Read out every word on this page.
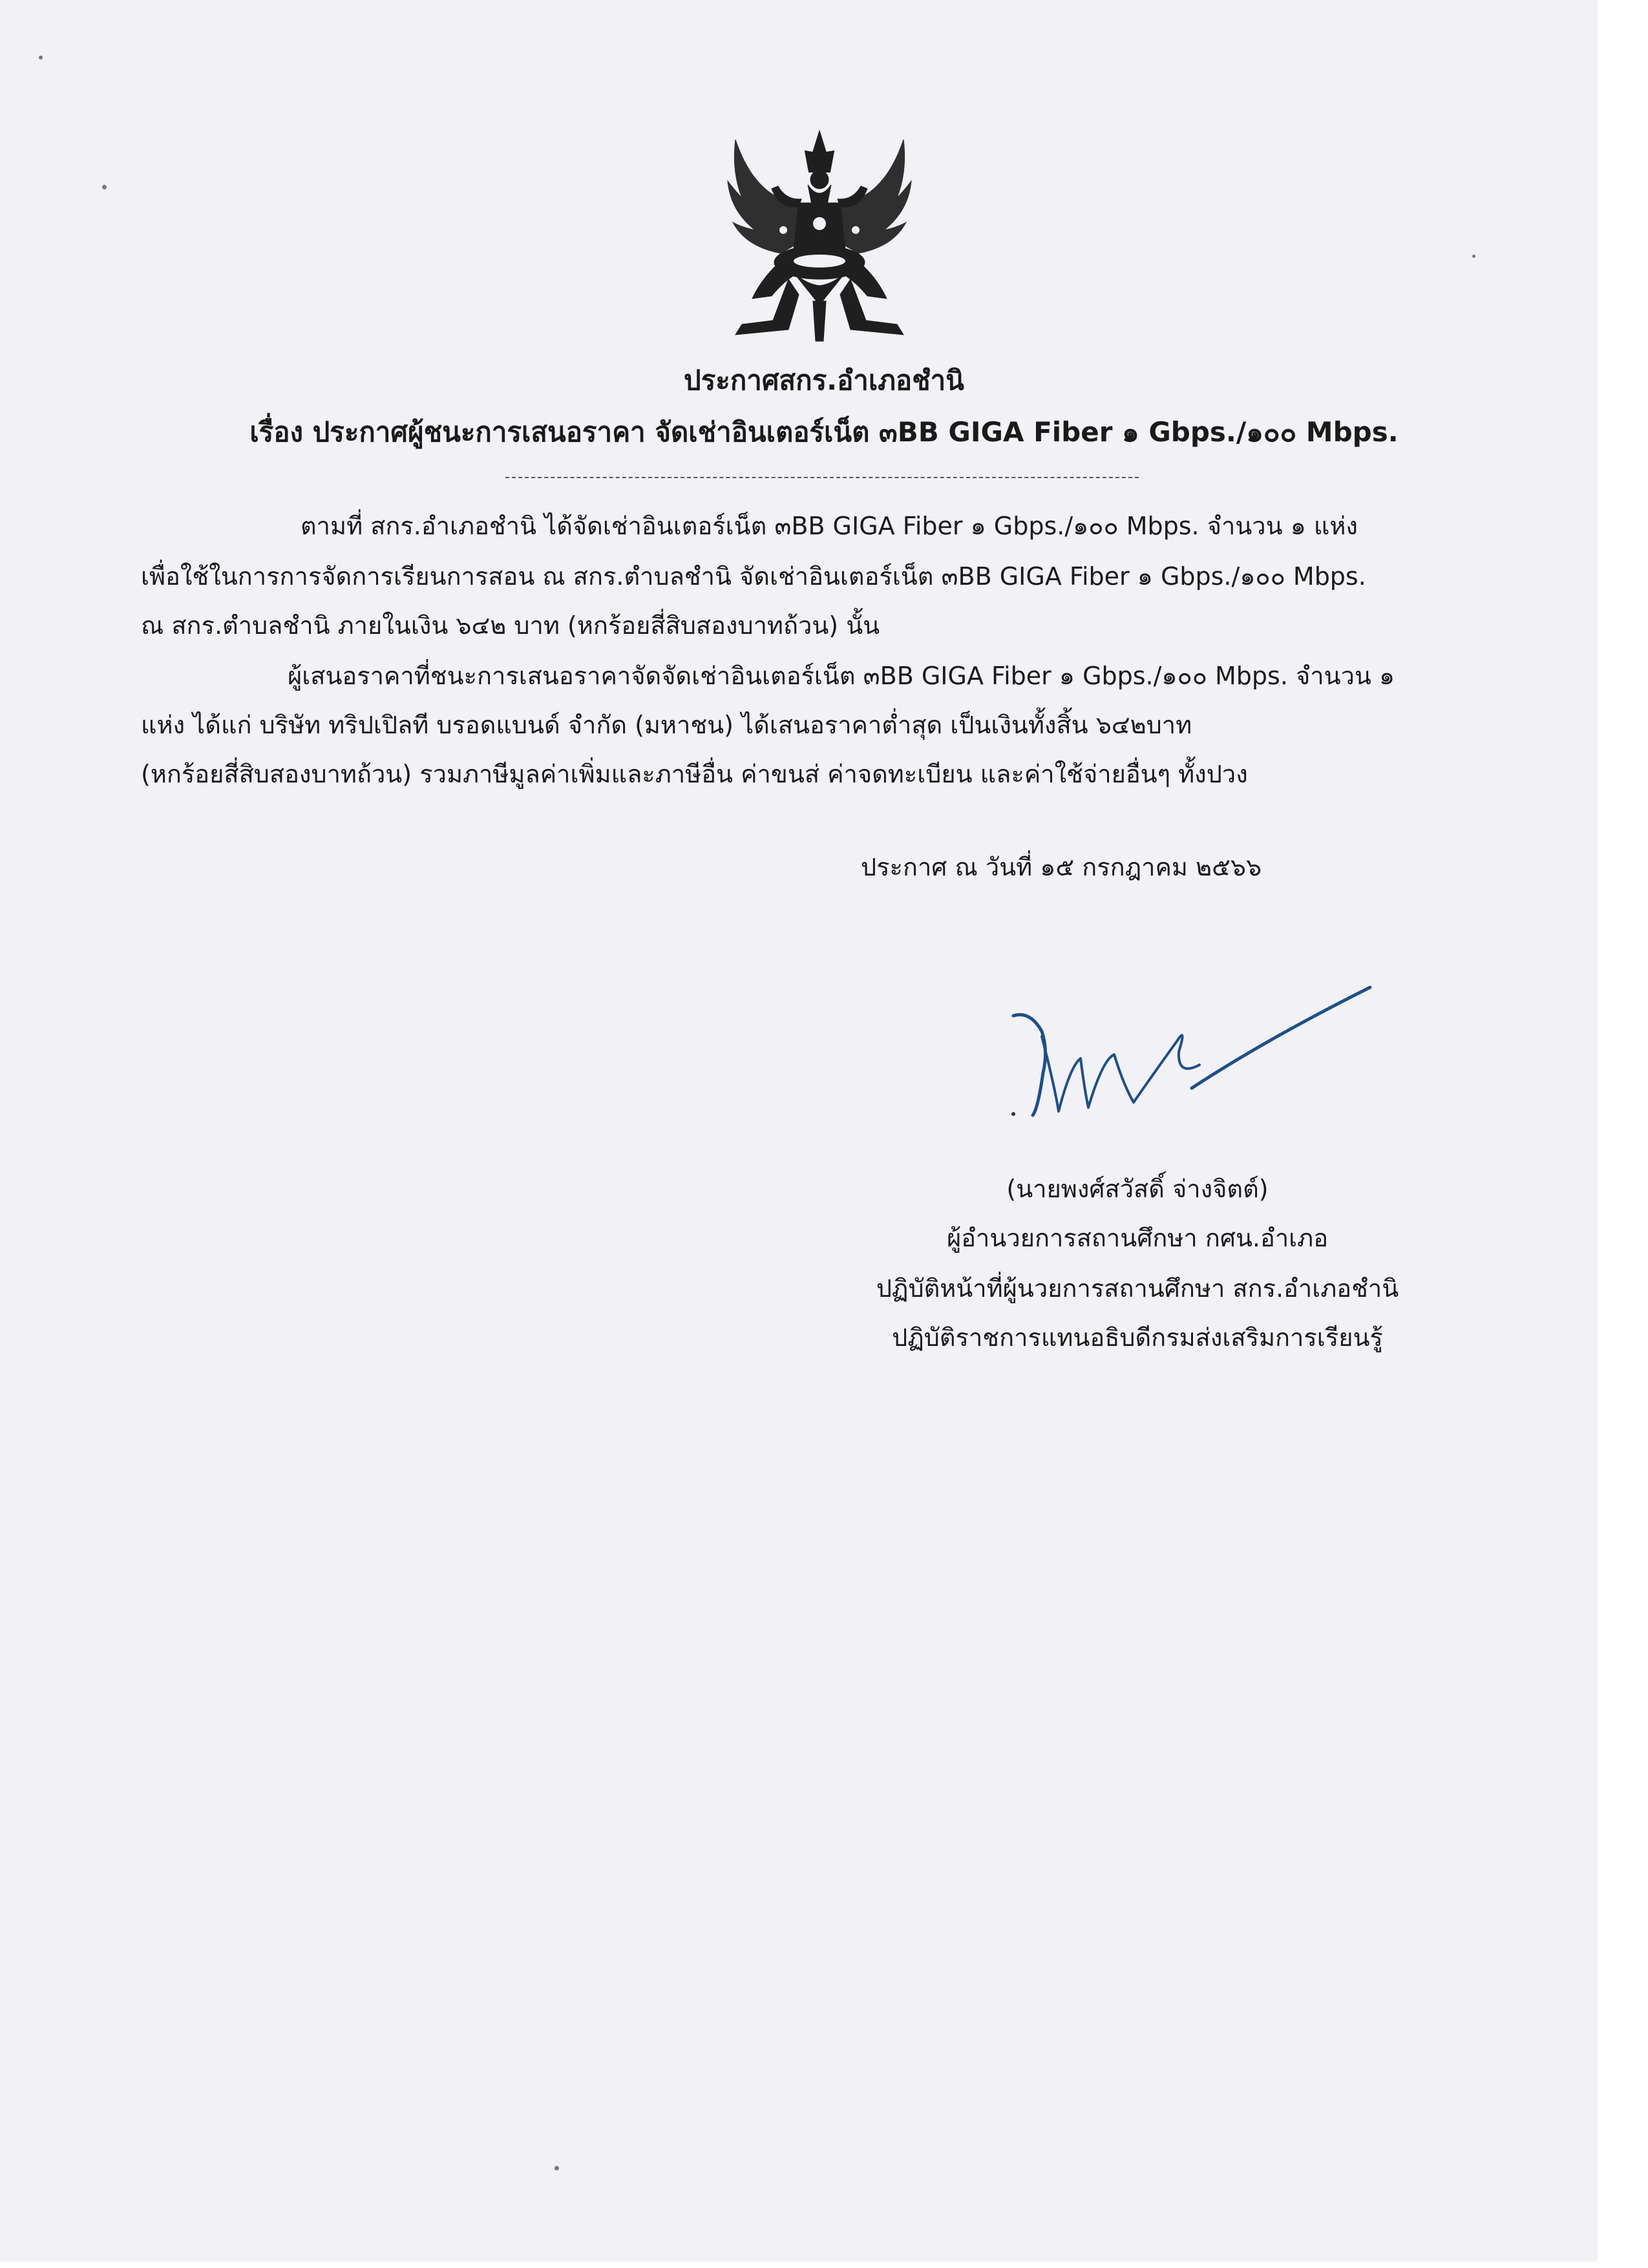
ประกาศสกร.อำเภอชำนิ
เรื่อง ประกาศผู้ชนะการเสนอราคา จัดเช่าอินเตอร์เน็ต ๓BB GIGA Fiber ๑ Gbps./๑๐๐ Mbps.
ตามที่ สกร.อำเภอชำนิ ได้จัดเช่าอินเตอร์เน็ต ๓BB GIGA Fiber ๑ Gbps./๑๐๐ Mbps. จำนวน ๑ แห่ง
เพื่อใช้ในการการจัดการเรียนการสอน ณ สกร.ตำบลชำนิ จัดเช่าอินเตอร์เน็ต ๓BB GIGA Fiber ๑ Gbps./๑๐๐ Mbps.
ณ สกร.ตำบลชำนิ ภายในเงิน ๖๔๒ บาท (หกร้อยสี่สิบสองบาทถ้วน) นั้น
ผู้เสนอราคาที่ชนะการเสนอราคาจัดจัดเช่าอินเตอร์เน็ต ๓BB GIGA Fiber ๑ Gbps./๑๐๐ Mbps. จำนวน ๑
แห่ง ได้แก่ บริษัท ทริปเปิลที บรอดแบนด์ จำกัด (มหาชน) ได้เสนอราคาต่ำสุด เป็นเงินทั้งสิ้น ๖๔๒บาท
(หกร้อยสี่สิบสองบาทถ้วน) รวมภาษีมูลค่าเพิ่มและภาษีอื่น ค่าขนส่ ค่าจดทะเบียน และค่าใช้จ่ายอื่นๆ ทั้งปวง
ประกาศ ณ วันที่ ๑๕ กรกฎาคม ๒๕๖๖
(นายพงศ์สวัสดิ์ จ่างจิตต์)
ผู้อำนวยการสถานศึกษา กศน.อำเภอ
ปฏิบัติหน้าที่ผู้นวยการสถานศึกษา สกร.อำเภอชำนิ
ปฏิบัติราชการแทนอธิบดีกรมส่งเสริมการเรียนรู้
